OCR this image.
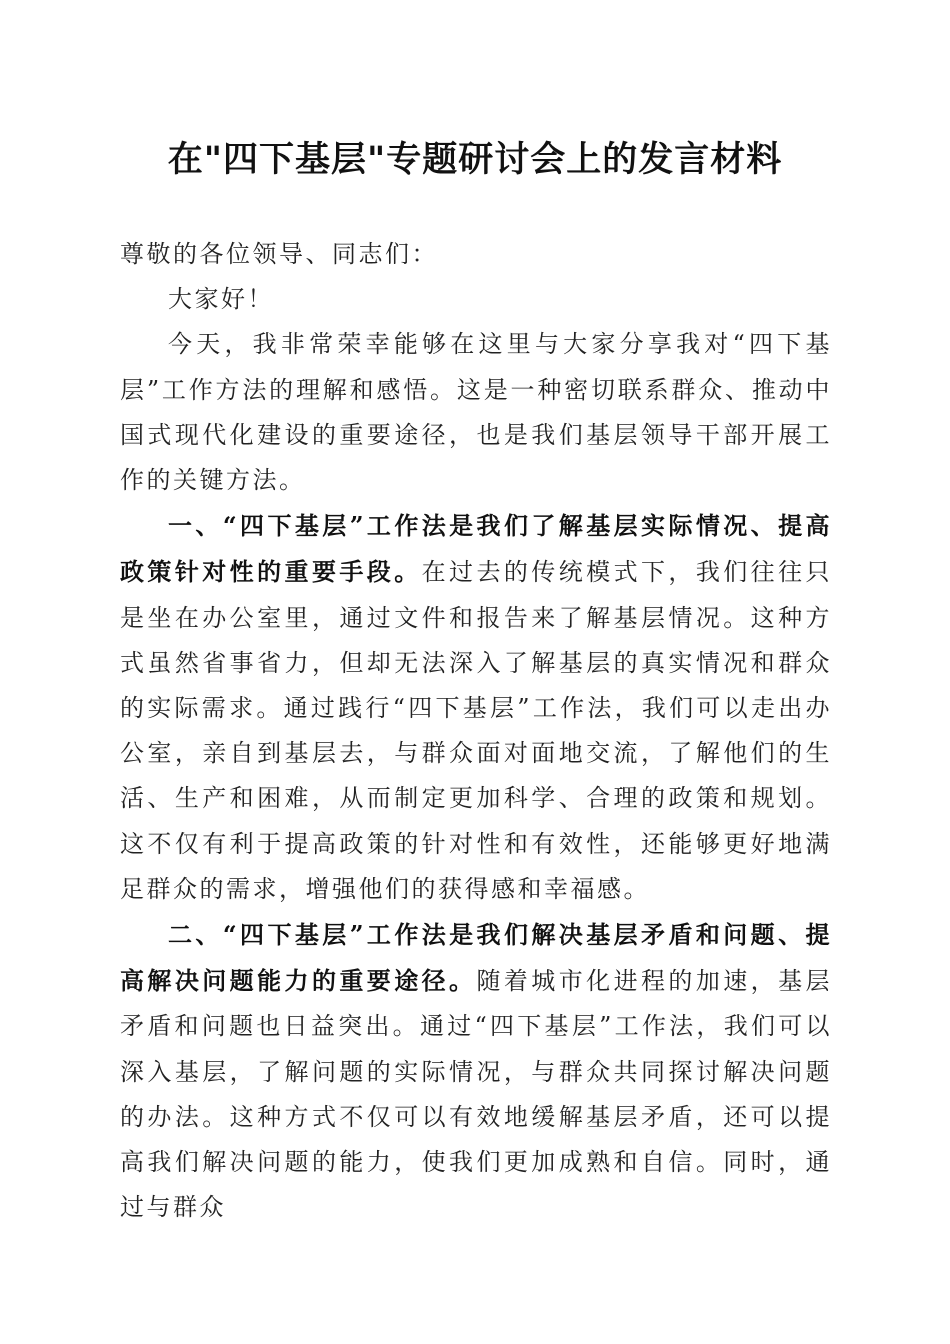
在"四下基层"专题研讨会上的发言材料

尊敬的各位领导、同志们：

大家好！

今天，我非常荣幸能够在这里与大家分享我对“四下基层”工作方法的理解和感悟。这是一种密切联系群众、推动中国式现代化建设的重要途径，也是我们基层领导干部开展工作的关键方法。

一、“四下基层”工作法是我们了解基层实际情况、提高政策针对性的重要手段。在过去的传统模式下，我们往往只是坐在办公室里，通过文件和报告来了解基层情况。这种方式虽然省事省力，但却无法深入了解基层的真实情况和群众的实际需求。通过践行“四下基层”工作法，我们可以走出办公室，亲自到基层去，与群众面对面地交流，了解他们的生活、生产和困难，从而制定更加科学、合理的政策和规划。这不仅有利于提高政策的针对性和有效性，还能够更好地满足群众的需求，增强他们的获得感和幸福感。

二、“四下基层”工作法是我们解决基层矛盾和问题、提高解决问题能力的重要途径。随着城市化进程的加速，基层矛盾和问题也日益突出。通过“四下基层”工作法，我们可以深入基层，了解问题的实际情况，与群众共同探讨解决问题的办法。这种方式不仅可以有效地缓解基层矛盾，还可以提高我们解决问题的能力，使我们更加成熟和自信。同时，通过与群众
